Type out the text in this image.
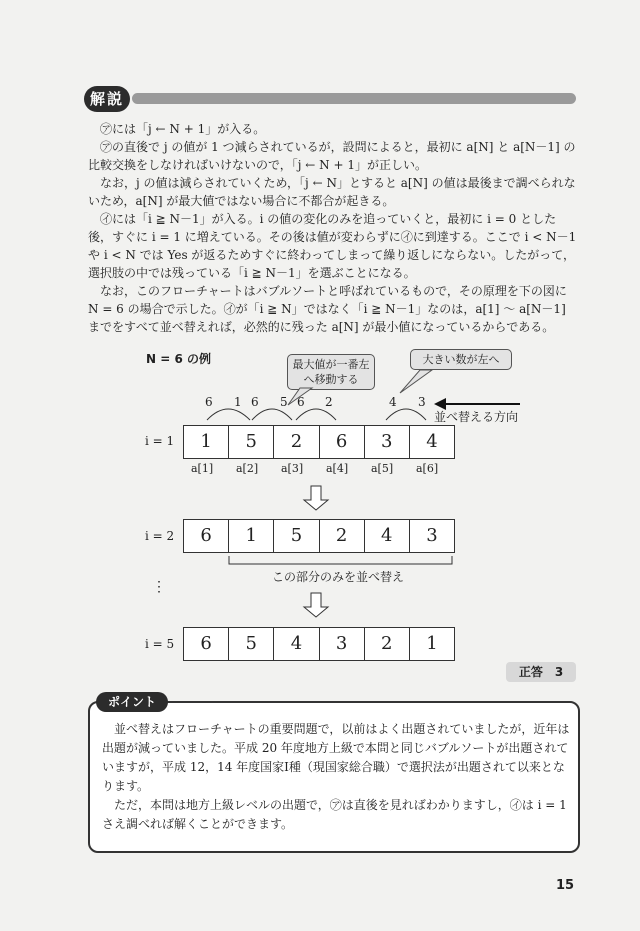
解説

㋐には「j ← N + 1」が入る。

㋐の直後で j の値が 1 つ減らされているが，設問によると，最初に a[N] と a[N－1] の比較交換をしなければいけないので，「j ← N + 1」が正しい。

なお，j の値は減らされていくため，「j ← N」とすると a[N] の値は最後まで調べられないため，a[N] が最大値ではない場合に不都合が起きる。

㋑には「i ≧ N－1」が入る。i の値の変化のみを追っていくと，最初に i = 0 とした後，すぐに i = 1 に増えている。その後は値が変わらずに㋑に到達する。ここで i < N－1 や i < N では Yes が返るためすぐに終わってしまって繰り返しにならない。したがって，選択肢の中では残っている「i ≧ N－1」を選ぶことになる。

なお，このフローチャートはバブルソートと呼ばれているもので，その原理を下の図に N = 6 の場合で示した。㋑が「i ≧ N」ではなく「i ≧ N－1」なのは，a[1] ～ a[N－1] までをすべて並べ替えれば，必然的に残った a[N] が最小値になっているからである。

N = 6 の例	最大値が一番左へ移動する
大きい数が左へ
6 1 6 5 6 2	4 3
並べ替える方向
i = 1	1	5	2	6	3	4
a[1] a[2] a[3] a[4] a[5] a[6]
i = 2	6	1	5	2	4	3
この部分のみを並べ替え
⋮
i = 5	6	5	4	3	2	1
正答　3
ポイント

並べ替えはフローチャートの重要問題で，以前はよく出題されていましたが，近年は出題が減っていました。平成 20 年度地方上級で本問と同じバブルソートが出題されていますが，平成 12，14 年度国家Ⅰ種（現国家総合職）で選択法が出題されて以来となります。

ただ，本問は地方上級レベルの出題で，㋐は直後を見ればわかりますし，㋑は i = 1 さえ調べれば解くことができます。

15
